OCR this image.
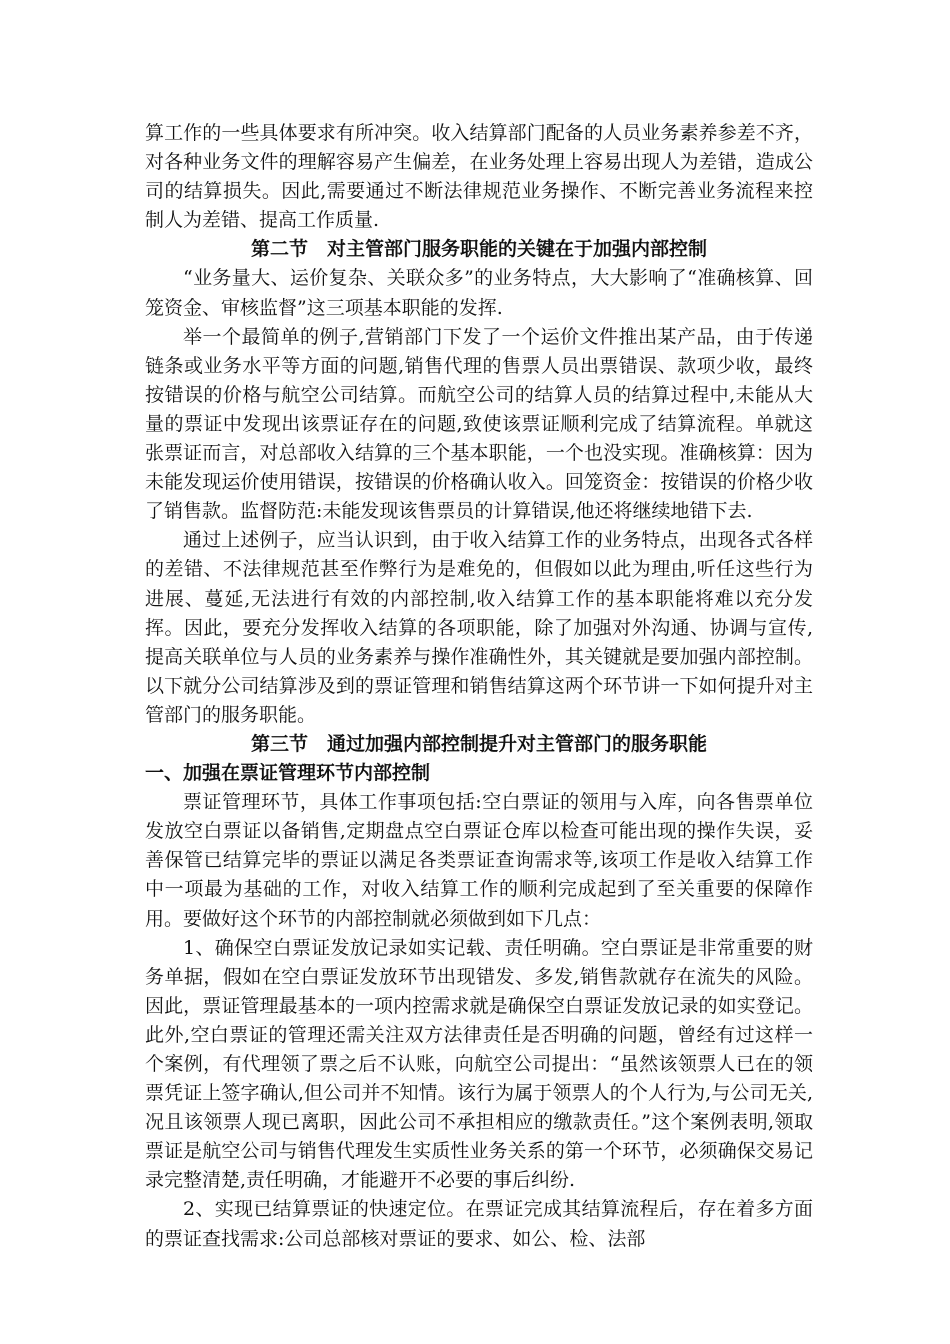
算工作的一些具体要求有所冲突。收入结算部门配备的人员业务素养参差不齐，对各种业务文件的理解容易产生偏差，在业务处理上容易出现人为差错，造成公司的结算损失。因此,需要通过不断法律规范业务操作、不断完善业务流程来控制人为差错、提高工作质量.

第二节　对主管部门服务职能的关键在于加强内部控制

“业务量大、运价复杂、关联众多”的业务特点，大大影响了“准确核算、回笼资金、审核监督”这三项基本职能的发挥.

举一个最简单的例子,营销部门下发了一个运价文件推出某产品，由于传递链条或业务水平等方面的问题,销售代理的售票人员出票错误、款项少收，最终按错误的价格与航空公司结算。而航空公司的结算人员的结算过程中,未能从大量的票证中发现出该票证存在的问题,致使该票证顺利完成了结算流程。单就这张票证而言，对总部收入结算的三个基本职能，一个也没实现。准确核算：因为未能发现运价使用错误，按错误的价格确认收入。回笼资金：按错误的价格少收了销售款。监督防范:未能发现该售票员的计算错误,他还将继续地错下去.

通过上述例子，应当认识到，由于收入结算工作的业务特点，出现各式各样的差错、不法律规范甚至作弊行为是难免的，但假如以此为理由,听任这些行为进展、蔓延,无法进行有效的内部控制,收入结算工作的基本职能将难以充分发挥。因此，要充分发挥收入结算的各项职能，除了加强对外沟通、协调与宣传,提高关联单位与人员的业务素养与操作准确性外，其关键就是要加强内部控制。以下就分公司结算涉及到的票证管理和销售结算这两个环节讲一下如何提升对主管部门的服务职能。

第三节　通过加强内部控制提升对主管部门的服务职能

一、加强在票证管理环节内部控制

票证管理环节，具体工作事项包括:空白票证的领用与入库，向各售票单位发放空白票证以备销售,定期盘点空白票证仓库以检查可能出现的操作失误，妥善保管已结算完毕的票证以满足各类票证查询需求等,该项工作是收入结算工作中一项最为基础的工作，对收入结算工作的顺利完成起到了至关重要的保障作用。要做好这个环节的内部控制就必须做到如下几点：

1、确保空白票证发放记录如实记载、责任明确。空白票证是非常重要的财务单据，假如在空白票证发放环节出现错发、多发,销售款就存在流失的风险。因此，票证管理最基本的一项内控需求就是确保空白票证发放记录的如实登记。此外,空白票证的管理还需关注双方法律责任是否明确的问题，曾经有过这样一个案例，有代理领了票之后不认账，向航空公司提出：“虽然该领票人已在的领票凭证上签字确认,但公司并不知情。该行为属于领票人的个人行为,与公司无关,况且该领票人现已离职，因此公司不承担相应的缴款责任。”这个案例表明,领取票证是航空公司与销售代理发生实质性业务关系的第一个环节，必须确保交易记录完整清楚,责任明确，才能避开不必要的事后纠纷.

2、实现已结算票证的快速定位。在票证完成其结算流程后，存在着多方面的票证查找需求:公司总部核对票证的要求、如公、检、法部
